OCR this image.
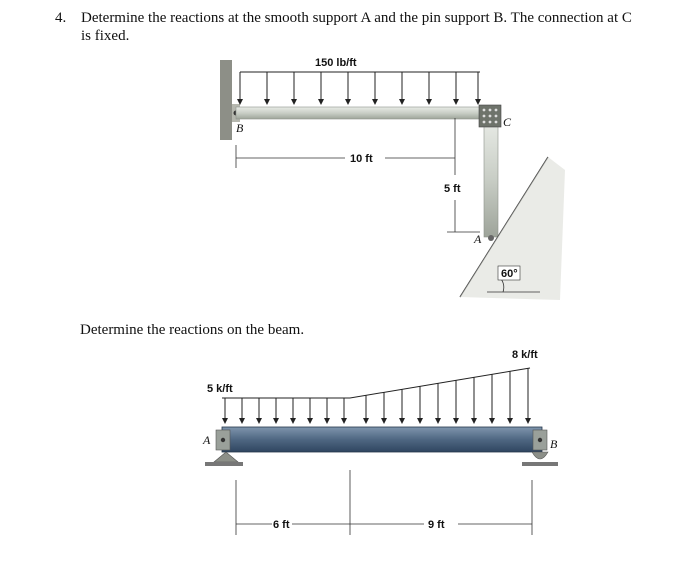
4. Determine the reactions at the smooth support A and the pin support B. The connection at C
is fixed.
150 lb/ft
B	C
10 ft
5 ft
A
60°
5 k/ft
8 k/ft
A	B
6 ft	9 ft
Determine the reactions on the beam.
